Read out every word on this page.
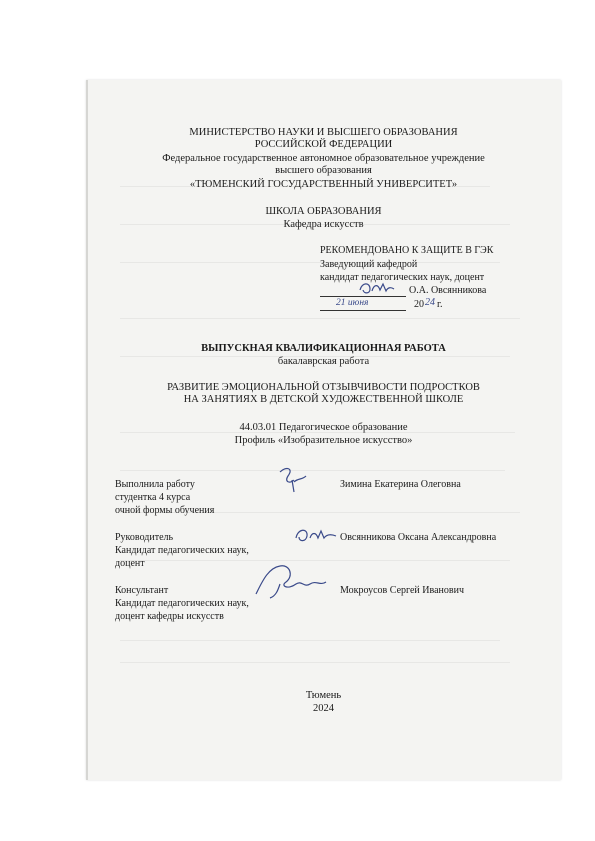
МИНИСТЕРСТВО НАУКИ И ВЫСШЕГО ОБРАЗОВАНИЯ
РОССИЙСКОЙ ФЕДЕРАЦИИ
Федеральное государственное автономное образовательное учреждение
высшего образования
«ТЮМЕНСКИЙ ГОСУДАРСТВЕННЫЙ УНИВЕРСИТЕТ»
ШКОЛА ОБРАЗОВАНИЯ
Кафедра искусств
РЕКОМЕНДОВАНО К ЗАЩИТЕ В ГЭК
Заведующий кафедрой
кандидат педагогических наук, доцент
О.А. Овсянникова
21 июня	20 24 г.
ВЫПУСКНАЯ КВАЛИФИКАЦИОННАЯ РАБОТА
бакалаврская работа
РАЗВИТИЕ ЭМОЦИОНАЛЬНОЙ ОТЗЫВЧИВОСТИ ПОДРОСТКОВ
НА ЗАНЯТИЯХ В ДЕТСКОЙ ХУДОЖЕСТВЕННОЙ ШКОЛЕ
44.03.01 Педагогическое образование
Профиль «Изобразительное искусство»
Выполнила работу
студентка 4 курса
очной формы обучения
Зимина Екатерина Олеговна
Руководитель
Кандидат педагогических наук,
доцент
Овсянникова Оксана Александровна
Консультант
Кандидат педагогических наук,
доцент кафедры искусств
Мокроусов Сергей Иванович
Тюмень
2024
